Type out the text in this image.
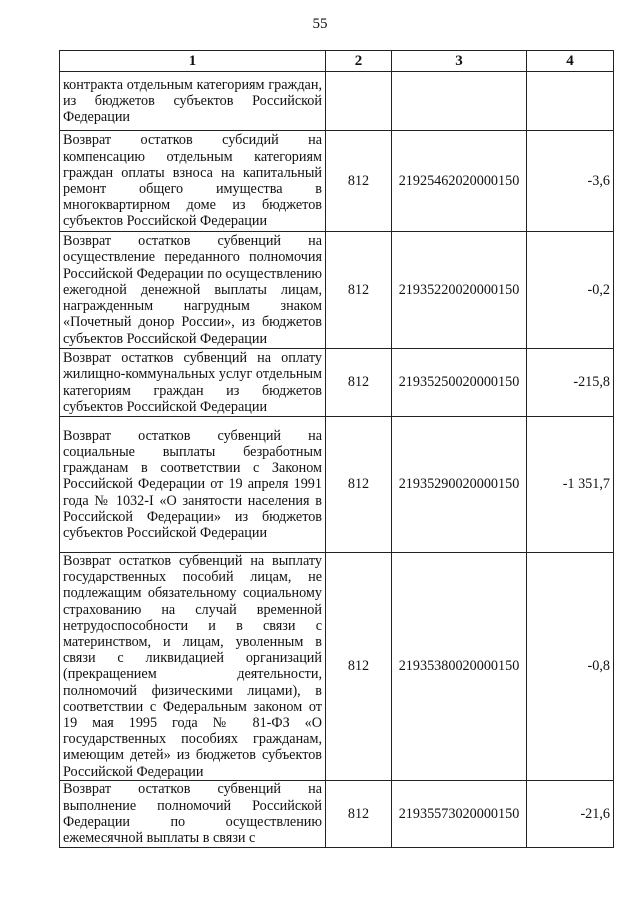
55
1	2	3	4
контракта отдельным категориям граждан, из бюджетов субъектов Российской Федерации			
Возврат остатков субсидий на компенсацию отдельным категориям граждан оплаты взноса на капитальный ремонт общего имущества в многоквартирном доме из бюджетов субъектов Российской Федерации	812	21925462020000150	-3,6
Возврат остатков субвенций на осуществление переданного полномочия Российской Федерации по осуществлению ежегодной денежной выплаты лицам, награжденным нагрудным знаком «Почетный донор России», из бюджетов субъектов Российской Федерации	812	21935220020000150	-0,2
Возврат остатков субвенций на оплату жилищно-коммунальных услуг отдельным категориям граждан из бюджетов субъектов Российской Федерации	812	21935250020000150	-215,8
Возврат остатков субвенций на социальные выплаты безработным гражданам в соответствии с Законом Российской Федерации от 19 апреля 1991 года № 1032-I «О занятости населения в Российской Федерации» из бюджетов субъектов Российской Федерации	812	21935290020000150	-1 351,7
Возврат остатков субвенций на выплату государственных пособий лицам, не подлежащим обязательному социальному страхованию на случай временной нетрудоспособности и в связи с материнством, и лицам, уволенным в связи с ликвидацией организаций (прекращением деятельности, полномочий физическими лицами), в соответствии с Федеральным законом от 19 мая 1995 года № 81-ФЗ «О государственных пособиях гражданам, имеющим детей» из бюджетов субъектов Российской Федерации	812	21935380020000150	-0,8
Возврат остатков субвенций на выполнение полномочий Российской Федерации по осуществлению ежемесячной выплаты в связи с	812	21935573020000150	-21,6
